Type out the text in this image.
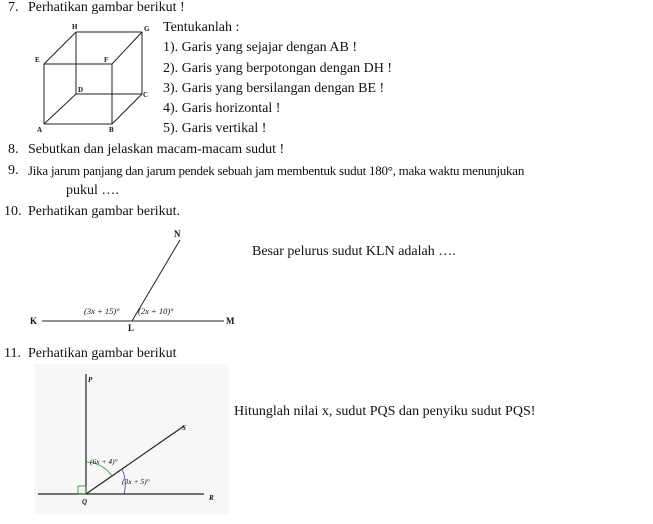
7. Perhatikan gambar berikut !
H	G
E	F
D
C
A	B
Tentukanlah :
1). Garis yang sejajar dengan AB !
2). Garis yang berpotongan dengan DH !
3). Garis yang bersilangan dengan BE !
4). Garis horizontal !
5). Garis vertikal !
8. Sebutkan dan jelaskan macam-macam sudut !
9. Jika jarum panjang dan jarum pendek sebuah jam membentuk sudut 180°, maka waktu menunjukan
pukul ….
10. Perhatikan gambar berikut.
N
K
L
M
(3x + 15)° (2x + 10)°
Besar pelurus sudut KLN adalah ….
11. Perhatikan gambar berikut
P
S
Q	R
(6x + 4)°
(3x + 5)°
Hitunglah nilai x, sudut PQS dan penyiku sudut PQS!
